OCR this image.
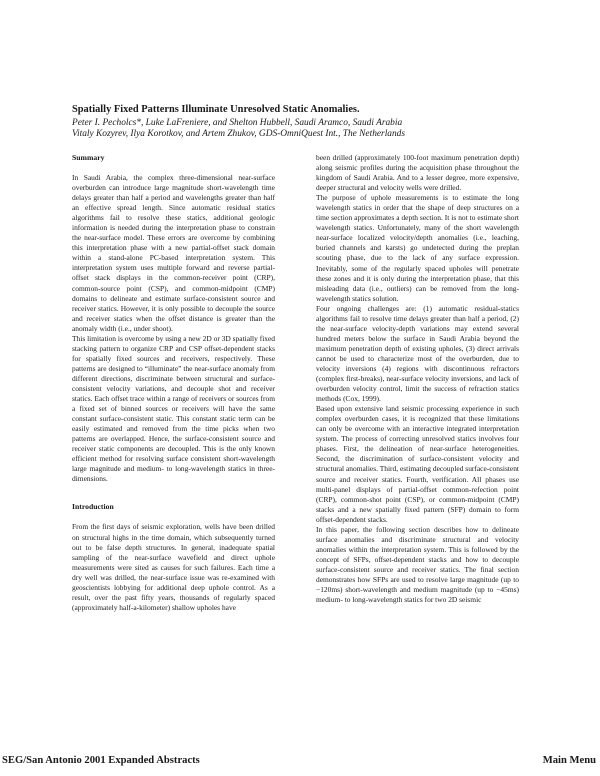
Spatially Fixed Patterns Illuminate Unresolved Static Anomalies.
Peter I. Pecholcs*, Luke LaFreniere, and Shelton Hubbell, Saudi Aramco, Saudi Arabia
Vitaly Kozyrev, Ilya Korotkov, and Artem Zhukov, GDS-OmniQuest Int., The Netherlands
Summary

In Saudi Arabia, the complex three-dimensional near-surface overburden can introduce large magnitude short-wavelength time delays greater than half a period and wavelengths greater than half an effective spread length. Since automatic residual statics algorithms fail to resolve these statics, additional geologic information is needed during the interpretation phase to constrain the near-surface model. These errors are overcome by combining this interpretation phase with a new partial-offset stack domain within a stand-alone PC-based interpretation system. This interpretation system uses multiple forward and reverse partial-offset stack displays in the common-receiver point (CRP), common-source point (CSP), and common-midpoint (CMP) domains to delineate and estimate surface-consistent source and receiver statics. However, it is only possible to decouple the source and receiver statics when the offset distance is greater than the anomaly width (i.e., under shoot).

This limitation is overcome by using a new 2D or 3D spatially fixed stacking pattern to organize CRP and CSP offset-dependent stacks for spatially fixed sources and receivers, respectively. These patterns are designed to “illuminate” the near-surface anomaly from different directions, discriminate between structural and surface-consistent velocity variations, and decouple shot and receiver statics. Each offset trace within a range of receivers or sources from a fixed set of binned sources or receivers will have the same constant surface-consistent static. This constant static term can be easily estimated and removed from the time picks when two patterns are overlapped. Hence, the surface-consistent source and receiver static components are decoupled. This is the only known efficient method for resolving surface consistent short-wavelength large magnitude and medium- to long-wavelength statics in three-dimensions.

Introduction

From the first days of seismic exploration, wells have been drilled on structural highs in the time domain, which subsequently turned out to be false depth structures. In general, inadequate spatial sampling of the near-surface wavefield and direct uphole measurements were sited as causes for such failures. Each time a dry well was drilled, the near-surface issue was re-examined with geoscientists lobbying for additional deep uphole control. As a result, over the past fifty years, thousands of regularly spaced (approximately half-a-kilometer) shallow upholes have

been drilled (approximately 100-foot maximum penetration depth) along seismic profiles during the acquisition phase throughout the kingdom of Saudi Arabia. And to a lesser degree, more expensive, deeper structural and velocity wells were drilled.

The purpose of uphole measurements is to estimate the long wavelength statics in order that the shape of deep structures on a time section approximates a depth section. It is not to estimate short wavelength statics. Unfortunately, many of the short wavelength near-surface localized velocity/depth anomalies (i.e., leaching, buried channels and karsts) go undetected during the preplan scouting phase, due to the lack of any surface expression. Inevitably, some of the regularly spaced upholes will penetrate these zones and it is only during the interpretation phase, that this misleading data (i.e., outliers) can be removed from the long-wavelength statics solution.

Four ongoing challenges are: (1) automatic residual-statics algorithms fail to resolve time delays greater than half a period, (2) the near-surface velocity-depth variations may extend several hundred meters below the surface in Saudi Arabia beyond the maximum penetration depth of existing upholes, (3) direct arrivals cannot be used to characterize most of the overburden, due to velocity inversions (4) regions with discontinuous refractors (complex first-breaks), near-surface velocity inversions, and lack of overburden velocity control, limit the success of refraction statics methods (Cox, 1999).

Based upon extensive land seismic processing experience in such complex overburden cases, it is recognized that these limitations can only be overcome with an interactive integrated interpretation system. The process of correcting unresolved statics involves four phases. First, the delineation of near-surface heterogeneities. Second, the discrimination of surface-consistent velocity and structural anomalies. Third, estimating decoupled surface-consistent source and receiver statics. Fourth, verification. All phases use multi-panel displays of partial-offset common-refection point (CRP), common-shot point (CSP), or common-midpoint (CMP) stacks and a new spatially fixed pattern (SFP) domain to form offset-dependent stacks.

In this paper, the following section describes how to delineate surface anomalies and discriminate structural and velocity anomalies within the interpretation system. This is followed by the concept of SFPs, offset-dependent stacks and how to decouple surface-consistent source and receiver statics. The final section demonstrates how SFPs are used to resolve large magnitude (up to −120ms) short-wavelength and medium magnitude (up to −45ms) medium- to long-wavelength statics for two 2D seismic

SEG/San Antonio 2001 Expanded Abstracts	Main Menu
